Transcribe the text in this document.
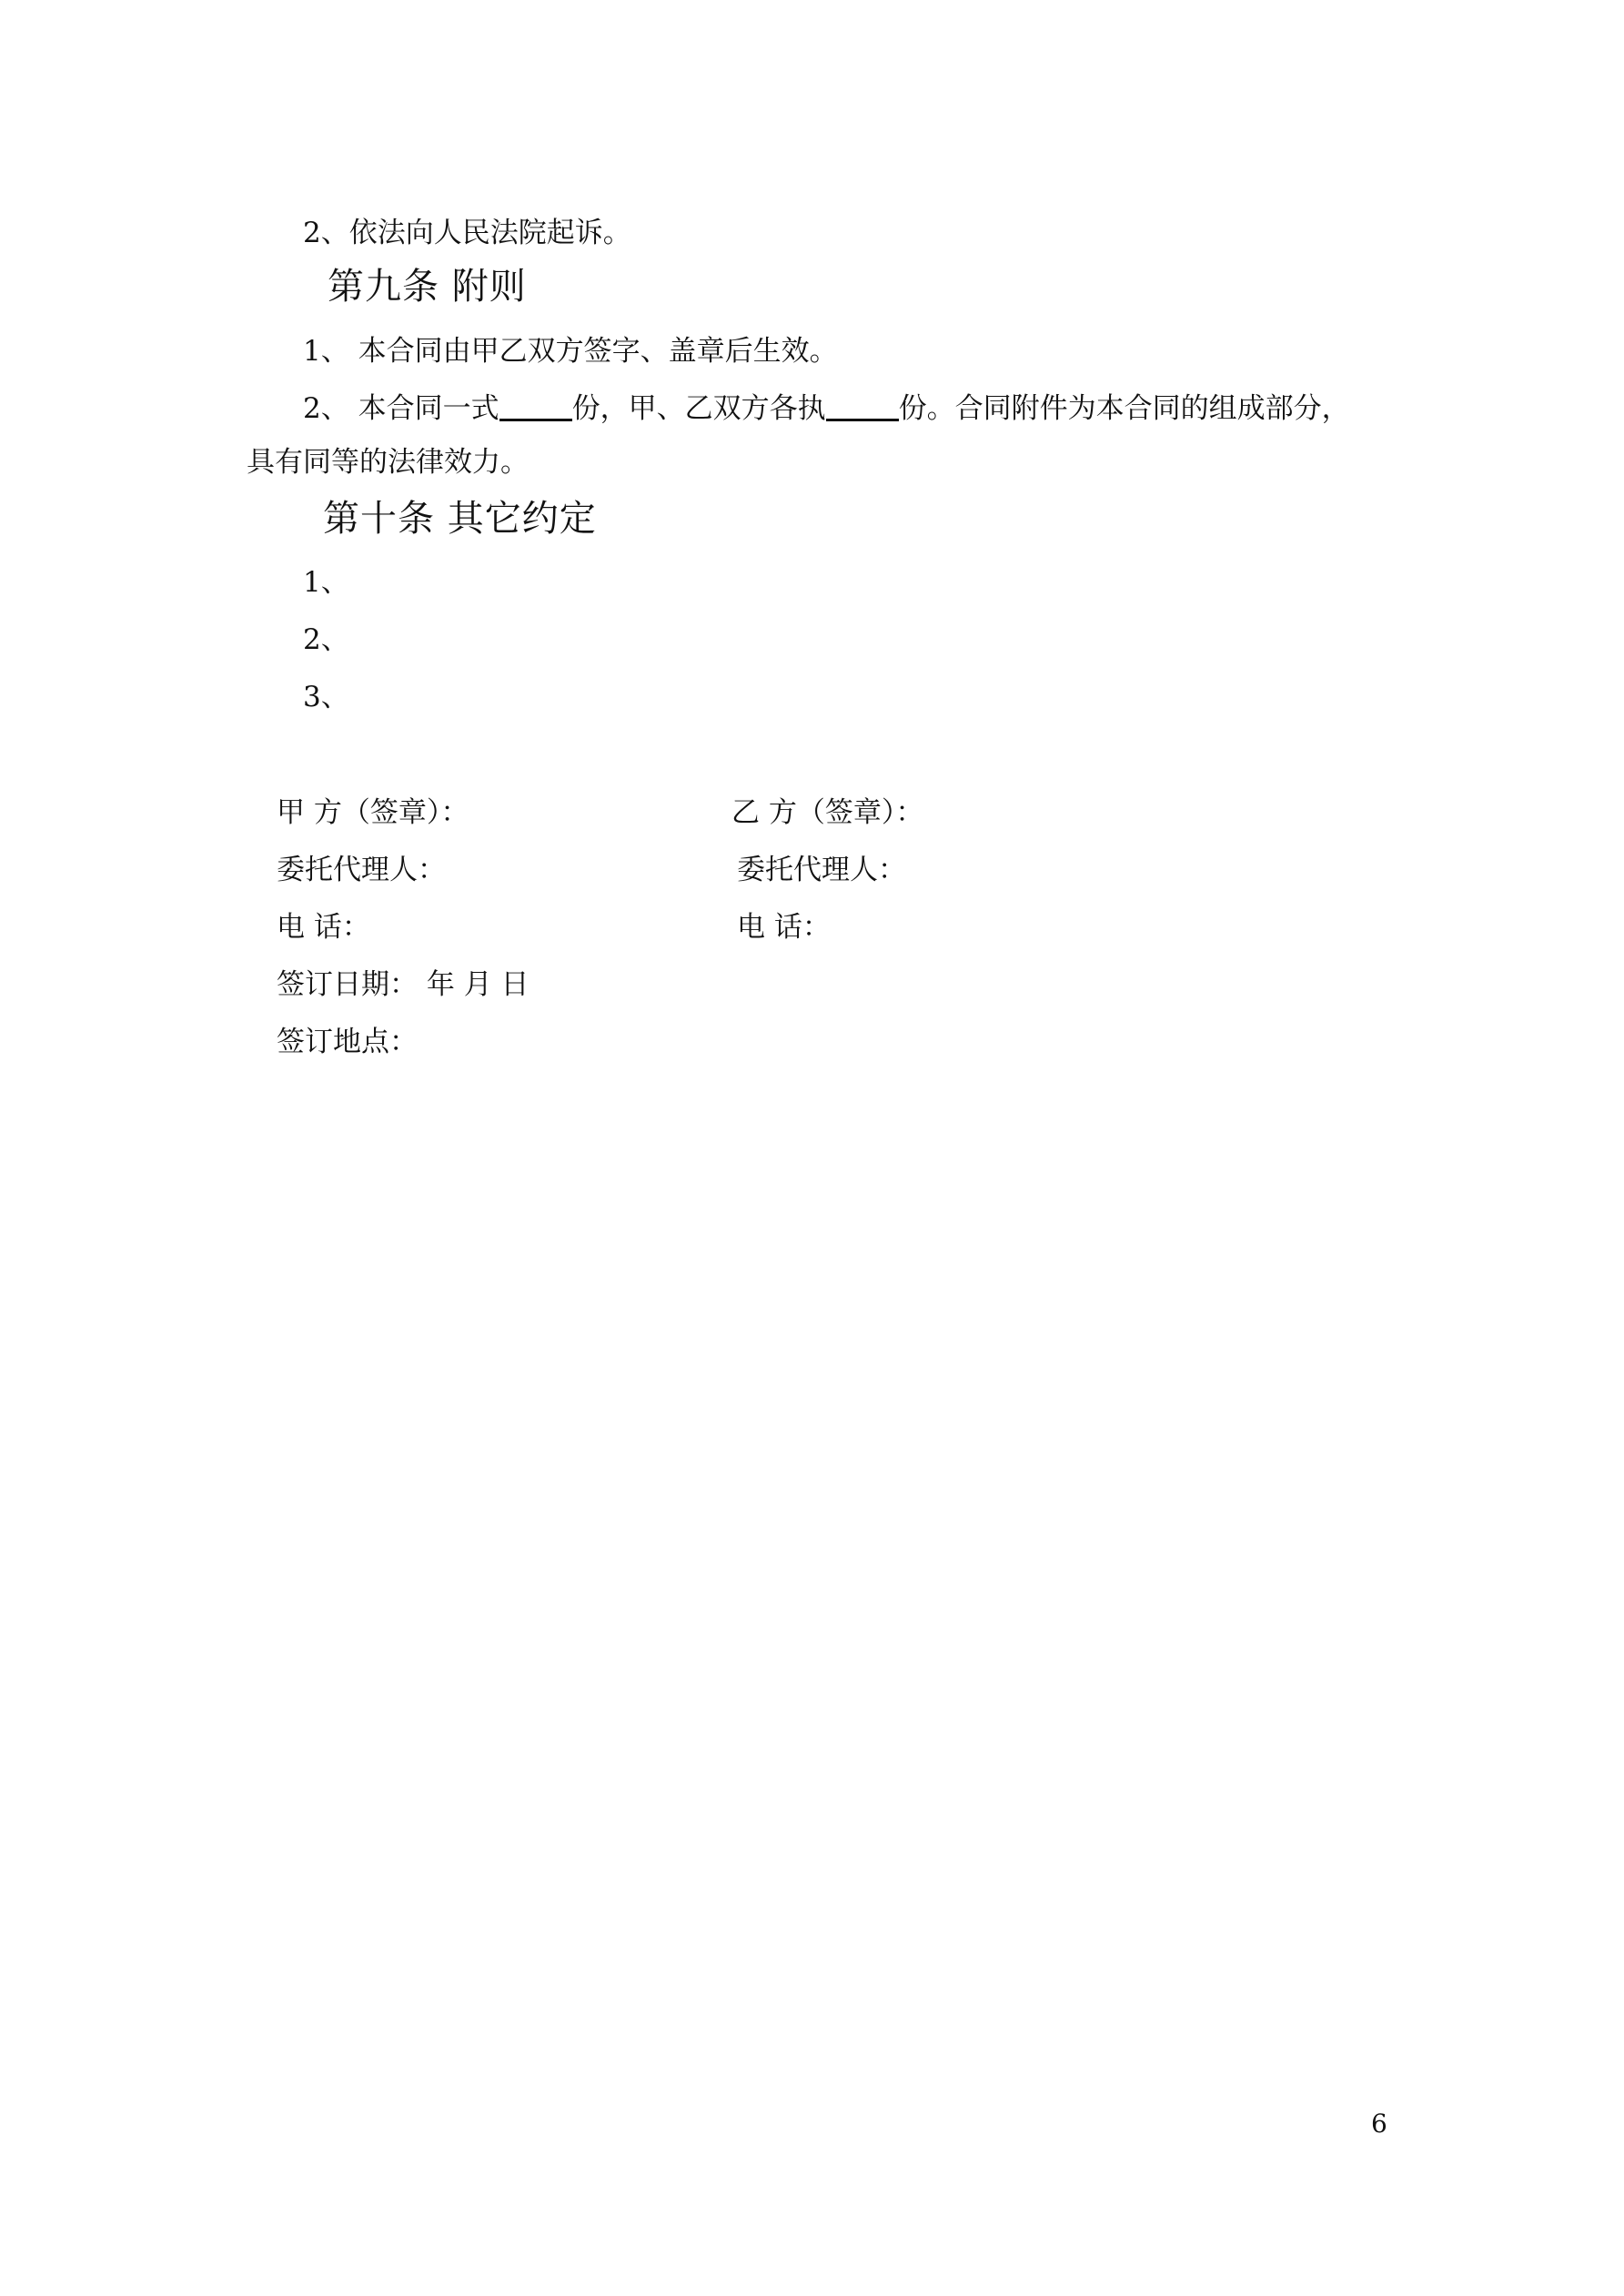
2、依法向人民法院起诉。
第九条 附则
1、 本合同由甲乙双方签字、盖章后生效。
2、 本合同一式	份，甲、乙双方各执	份。合同附件为本合同的组成部分，
具有同等的法律效力。
第十条 其它约定
1、
2、
3、
甲 方（签章）：	乙 方（签章）：
委托代理人：	委托代理人：
电 话：	电 话：
签订日期： 年 月 日
签订地点：
6
